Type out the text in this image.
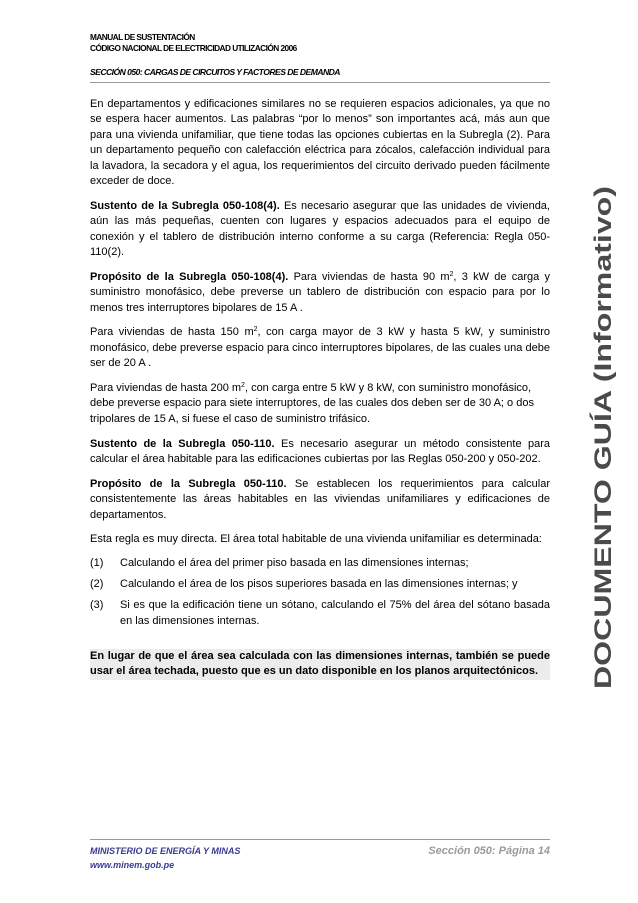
MANUAL DE SUSTENTACIÓN
CÓDIGO NACIONAL DE ELECTRICIDAD UTILIZACIÓN 2006
SECCIÓN 050: CARGAS DE CIRCUITOS Y FACTORES DE DEMANDA
DOCUMENTO GUÍA (Informativo)

En departamentos y edificaciones similares no se requieren espacios adicionales, ya que no se espera hacer aumentos. Las palabras “por lo menos” son importantes acá, más aun que para una vivienda unifamiliar, que tiene todas las opciones cubiertas en la Subregla (2). Para un departamento pequeño con calefacción eléctrica para zócalos, calefacción individual para la lavadora, la secadora y el agua, los requerimientos del circuito derivado pueden fácilmente exceder de doce.

Sustento de la Subregla 050-108(4). Es necesario asegurar que las unidades de vivienda, aún las más pequeñas, cuenten con lugares y espacios adecuados para el equipo de conexión y el tablero de distribución interno conforme a su carga (Referencia: Regla 050-110(2).

Propósito de la Subregla 050-108(4). Para viviendas de hasta 90 $m^2$, 3 kW de carga y suministro monofásico, debe preverse un tablero de distribución con espacio para por lo menos tres interruptores bipolares de 15 A .

Para viviendas de hasta 150 $m^2$, con carga mayor de 3 kW y hasta 5 kW, y suministro monofásico, debe preverse espacio para cinco interruptores bipolares, de las cuales una debe ser de 20 A .

Para viviendas de hasta 200 $m^2$, con carga entre 5 kW y 8 kW, con suministro monofásico, debe preverse espacio para siete interruptores, de las cuales dos deben ser de 30 A; o dos tripolares de 15 A, si fuese el caso de suministro trifásico.

Sustento de la Subregla 050-110. Es necesario asegurar un método consistente para calcular el área habitable para las edificaciones cubiertas por las Reglas 050-200 y 050-202.

Propósito de la Subregla 050-110. Se establecen los requerimientos para calcular consistentemente las áreas habitables en las viviendas unifamiliares y edificaciones de departamentos.

Esta regla es muy directa. El área total habitable de una vivienda unifamiliar es determinada:

(1)	Calculando el área del primer piso basada en las dimensiones internas;
(2)	Calculando el área de los pisos superiores basada en las dimensiones internas; y
(3)	Si es que la edificación tiene un sótano, calculando el 75% del área del sótano basada en las dimensiones internas.
En lugar de que el área sea calculada con las dimensiones internas, también se puede usar el área techada, puesto que es un dato disponible en los planos arquitectónicos.
MINISTERIO DE ENERGÍA Y MINAS	Sección 050: Página 14
www.minem.gob.pe
